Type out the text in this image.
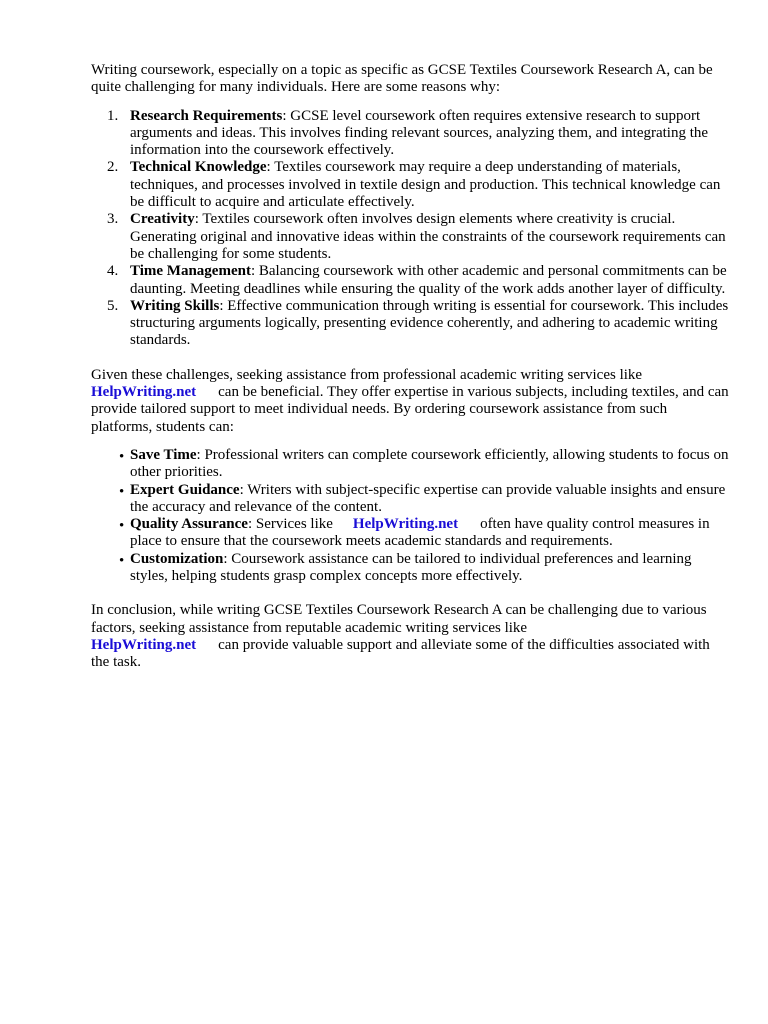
Writing coursework, especially on a topic as specific as GCSE Textiles Coursework Research A, can be quite challenging for many individuals. Here are some reasons why:

1. Research Requirements: GCSE level coursework often requires extensive research to support arguments and ideas. This involves finding relevant sources, analyzing them, and integrating the information into the coursework effectively.
2. Technical Knowledge: Textiles coursework may require a deep understanding of materials, techniques, and processes involved in textile design and production. This technical knowledge can be difficult to acquire and articulate effectively.
3. Creativity: Textiles coursework often involves design elements where creativity is crucial. Generating original and innovative ideas within the constraints of the coursework requirements can be challenging for some students.
4. Time Management: Balancing coursework with other academic and personal commitments can be daunting. Meeting deadlines while ensuring the quality of the work adds another layer of difficulty.
5. Writing Skills: Effective communication through writing is essential for coursework. This includes structuring arguments logically, presenting evidence coherently, and adhering to academic writing standards.

Given these challenges, seeking assistance from professional academic writing services like
HelpWriting.net can be beneficial. They offer expertise in various subjects, including textiles, and can provide tailored support to meet individual needs. By ordering coursework assistance from such platforms, students can:

• Save Time: Professional writers can complete coursework efficiently, allowing students to focus on other priorities.
• Expert Guidance: Writers with subject-specific expertise can provide valuable insights and ensure the accuracy and relevance of the content.
• Quality Assurance: Services like HelpWriting.net often have quality control measures in place to ensure that the coursework meets academic standards and requirements.
• Customization: Coursework assistance can be tailored to individual preferences and learning styles, helping students grasp complex concepts more effectively.

In conclusion, while writing GCSE Textiles Coursework Research A can be challenging due to various factors, seeking assistance from reputable academic writing services like
HelpWriting.net can provide valuable support and alleviate some of the difficulties associated with the task.
